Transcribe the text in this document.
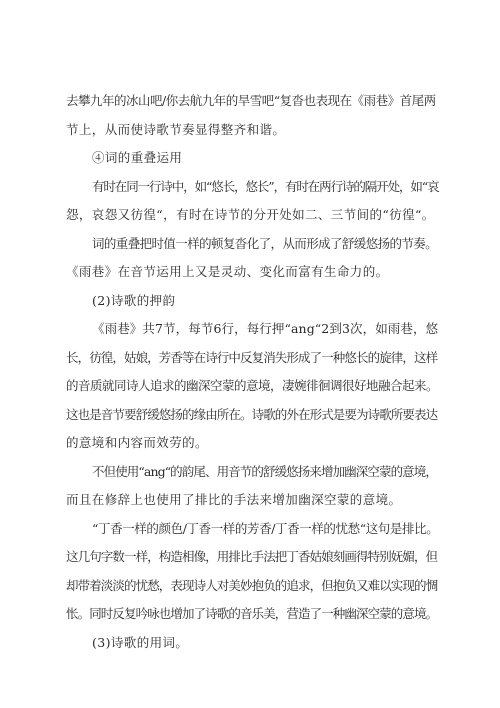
去攀九年的冰山吧/你去航九年的旱雪吧“复沓也表现在《雨巷》首尾两
节上，从而使诗歌节奏显得整齐和谐。
④词的重叠运用
有时在同一行诗中，如“悠长，悠长”，有时在两行诗的隔开处，如“哀
怨，哀怨又彷徨“，有时在诗节的分开处如二、三节间的“彷徨“。
词的重叠把时值一样的顿复沓化了，从而形成了舒缓悠扬的节奏。
《雨巷》在音节运用上又是灵动、变化而富有生命力的。
(2)诗歌的押韵
《雨巷》共7节，每节6行，每行押“ang“2到3次，如雨巷，悠
长，彷徨，姑娘，芳香等在诗行中反复消失形成了一种悠长的旋律，这样
的音质就同诗人追求的幽深空蒙的意境，凄婉徘徊调很好地融合起来。
这也是音节要舒缓悠扬的缘由所在。诗歌的外在形式是要为诗歌所要表达
的意境和内容而效劳的。
不但使用“ang“的韵尾、用音节的舒缓悠扬来增加幽深空蒙的意境，
而且在修辞上也使用了排比的手法来增加幽深空蒙的意境。
“丁香一样的颜色/丁香一样的芳香/丁香一样的忧愁“这句是排比。
这几句字数一样，构造相像，用排比手法把丁香姑娘刻画得特别妩媚，但
却带着淡淡的忧愁，表现诗人对美妙抱负的追求，但抱负又难以实现的惆
怅。同时反复吟咏也增加了诗歌的音乐美，营造了一种幽深空蒙的意境。
(3)诗歌的用词。
